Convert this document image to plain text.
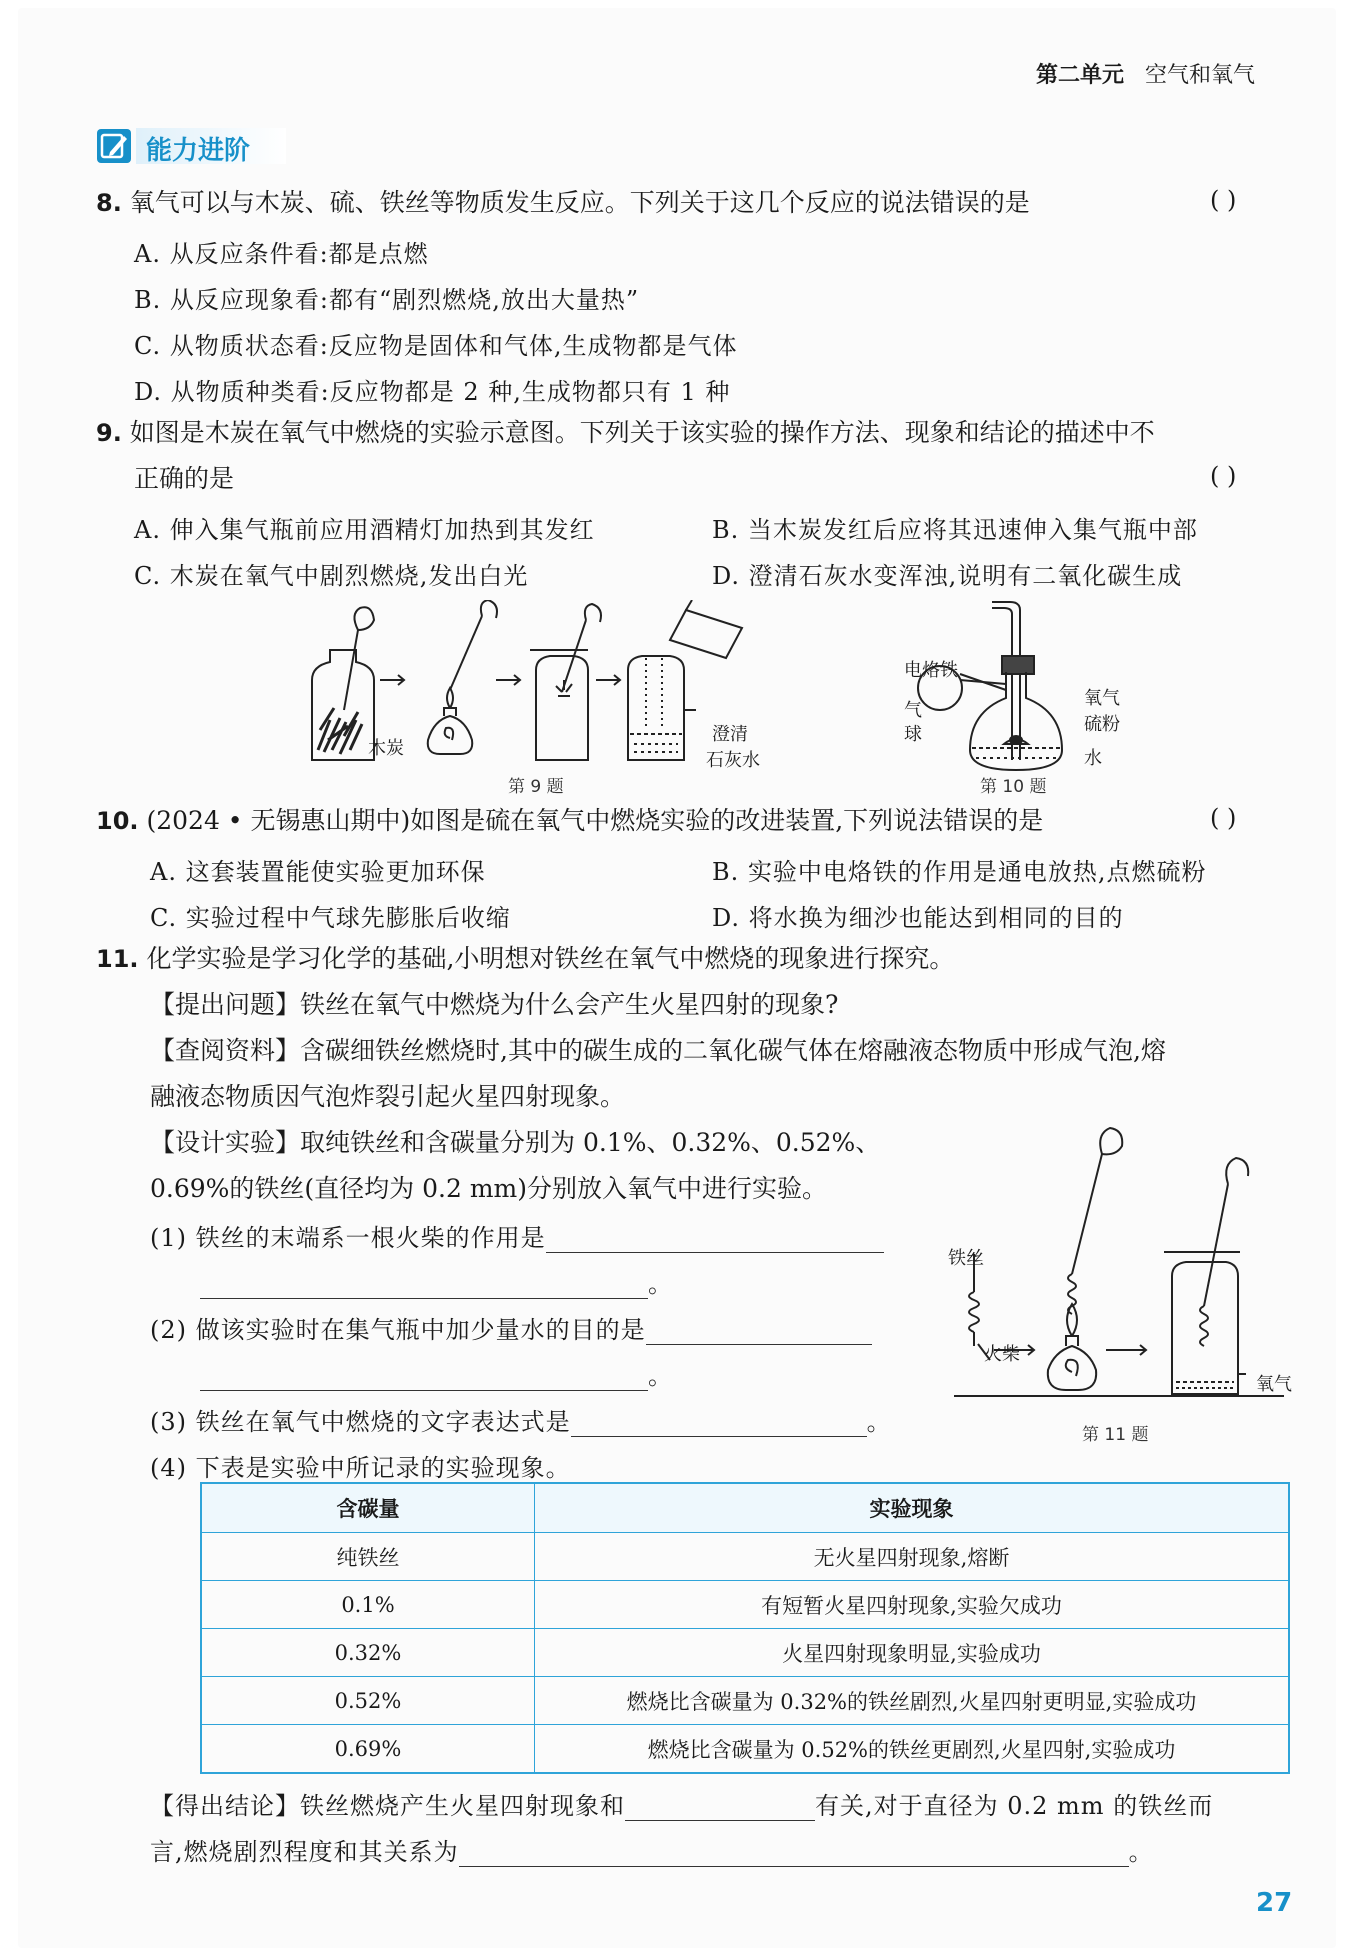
第二单元 空气和氧气
能力进阶
8. 氧气可以与木炭、硫、铁丝等物质发生反应。下列关于这几个反应的说法错误的是	( )
A. 从反应条件看:都是点燃
B. 从反应现象看:都有“剧烈燃烧,放出大量热”
C. 从物质状态看:反应物是固体和气体,生成物都是气体
D. 从物质种类看:反应物都是 2 种,生成物都只有 1 种
9. 如图是木炭在氧气中燃烧的实验示意图。下列关于该实验的操作方法、现象和结论的描述中不
正确的是	( )
A. 伸入集气瓶前应用酒精灯加热到其发红	B. 当木炭发红后应将其迅速伸入集气瓶中部
C. 木炭在氧气中剧烈燃烧,发出白光	D. 澄清石灰水变浑浊,说明有二氧化碳生成
木炭
澄清
石灰水
第 9 题
电烙铁
气
球
氧气
硫粉
水
第 10 题
10. (2024 • 无锡惠山期中)如图是硫在氧气中燃烧实验的改进装置,下列说法错误的是	( )
A. 这套装置能使实验更加环保	B. 实验中电烙铁的作用是通电放热,点燃硫粉
C. 实验过程中气球先膨胀后收缩	D. 将水换为细沙也能达到相同的目的
11. 化学实验是学习化学的基础,小明想对铁丝在氧气中燃烧的现象进行探究。
【提出问题】铁丝在氧气中燃烧为什么会产生火星四射的现象?
【查阅资料】含碳细铁丝燃烧时,其中的碳生成的二氧化碳气体在熔融液态物质中形成气泡,熔
融液态物质因气泡炸裂引起火星四射现象。
【设计实验】取纯铁丝和含碳量分别为 0.1%、0.32%、0.52%、
0.69%的铁丝(直径均为 0.2 mm)分别放入氧气中进行实验。
(1) 铁丝的末端系一根火柴的作用是
。
(2) 做该实验时在集气瓶中加少量水的目的是
。
(3) 铁丝在氧气中燃烧的文字表达式是	。
(4) 下表是实验中所记录的实验现象。
铁丝
火柴
氧气
第 11 题
含碳量	实验现象
纯铁丝	无火星四射现象,熔断
0.1%	有短暂火星四射现象,实验欠成功
0.32%	火星四射现象明显,实验成功
0.52%	燃烧比含碳量为 0.32%的铁丝剧烈,火星四射更明显,实验成功
0.69%	燃烧比含碳量为 0.52%的铁丝更剧烈,火星四射,实验成功
【得出结论】铁丝燃烧产生火星四射现象和	有关,对于直径为 0.2 mm 的铁丝而
言,燃烧剧烈程度和其关系为	。
27
